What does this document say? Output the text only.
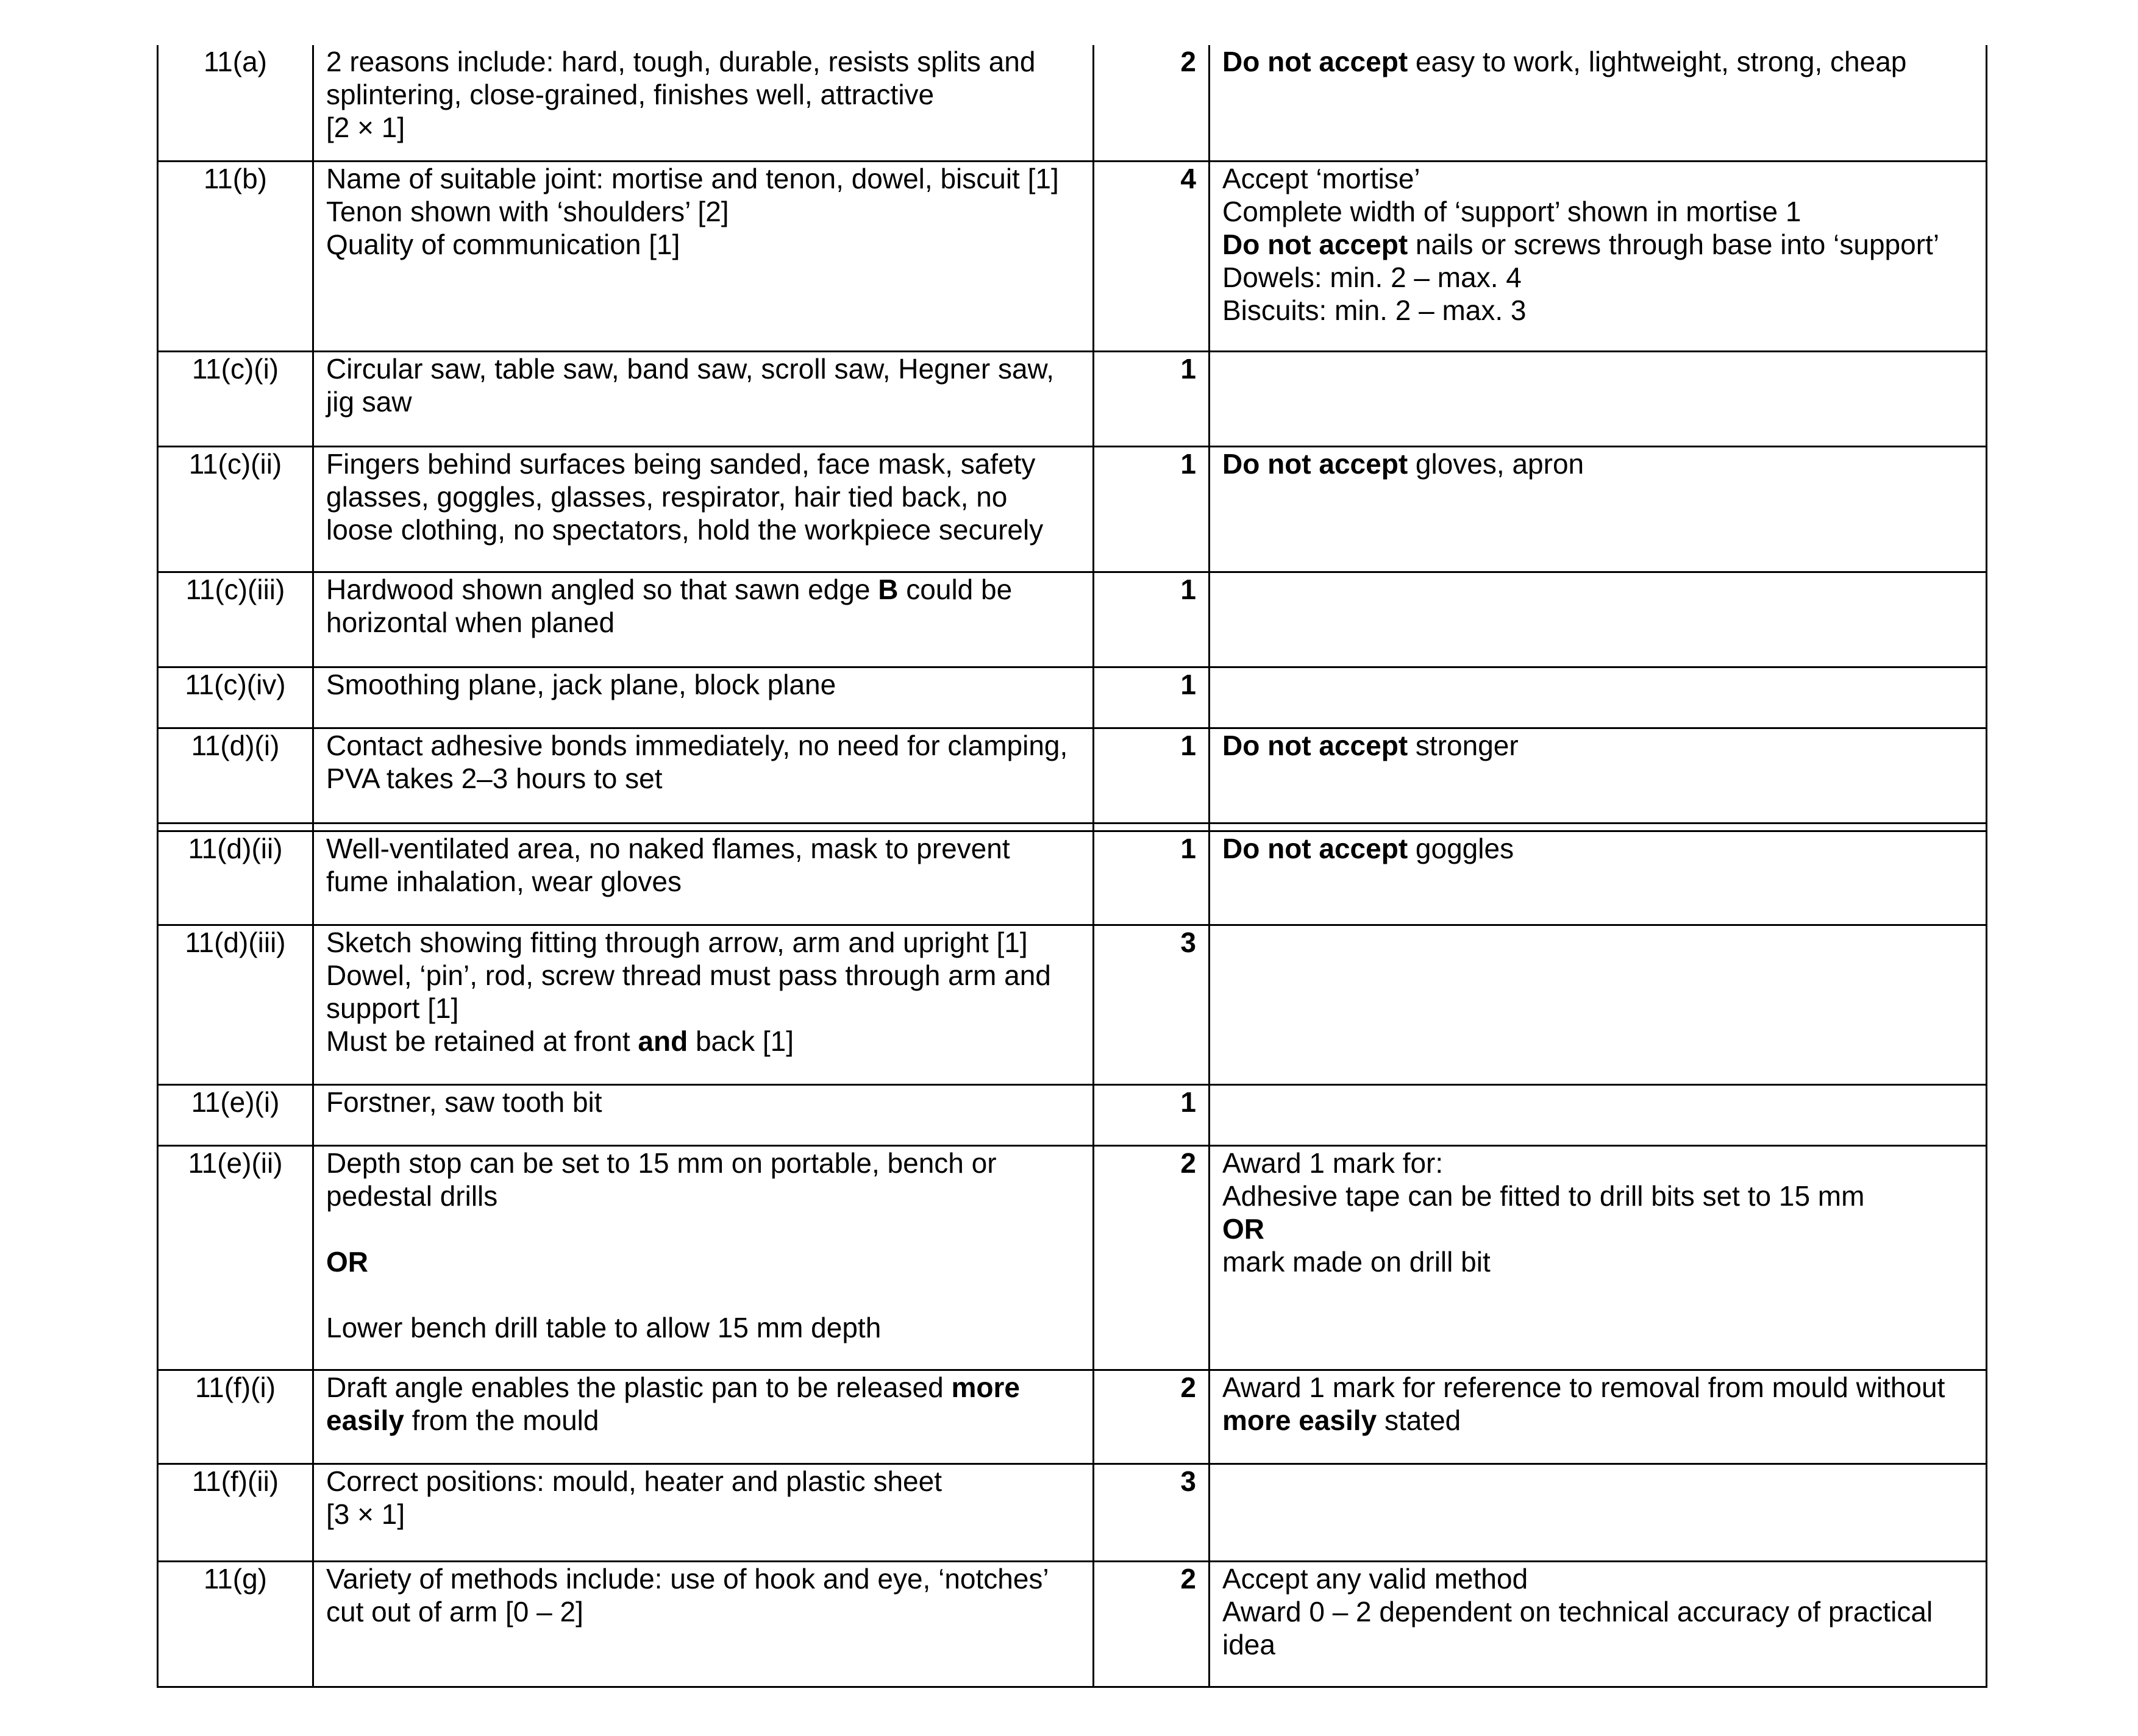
11(a)	2 reasons include: hard, tough, durable, resists splits and
splintering, close-grained, finishes well, attractive
[2 × 1]	2	Do not accept easy to work, lightweight, strong, cheap
11(b)	Name of suitable joint: mortise and tenon, dowel, biscuit [1]
Tenon shown with ‘shoulders’ [2]
Quality of communication [1]	4	Accept ‘mortise’
Complete width of ‘support’ shown in mortise 1
Do not accept nails or screws through base into ‘support’
Dowels: min. 2 – max. 4
Biscuits: min. 2 – max. 3

11(c)(i)	Circular saw, table saw, band saw, scroll saw, Hegner saw,
jig saw	1	
11(c)(ii)	Fingers behind surfaces being sanded, face mask, safety
glasses, goggles, glasses, respirator, hair tied back, no
loose clothing, no spectators, hold the workpiece securely	1	Do not accept gloves, apron
11(c)(iii)	Hardwood shown angled so that sawn edge B could be
horizontal when planed	1	
11(c)(iv)	Smoothing plane, jack plane, block plane	1	
11(d)(i)	Contact adhesive bonds immediately, no need for clamping,
PVA takes 2–3 hours to set	1	Do not accept stronger

11(d)(ii)	Well-ventilated area, no naked flames, mask to prevent
fume inhalation, wear gloves	1	Do not accept goggles
11(d)(iii)	Sketch showing fitting through arrow, arm and upright [1]
Dowel, ‘pin’, rod, screw thread must pass through arm and
support [1]
Must be retained at front and back [1]	3	
11(e)(i)	Forstner, saw tooth bit	1	
11(e)(ii)	Depth stop can be set to 15 mm on portable, bench or
pedestal drills
OR
Lower bench drill table to allow 15 mm depth	2	Award 1 mark for:
Adhesive tape can be fitted to drill bits set to 15 mm
OR
mark made on drill bit

11(f)(i)	Draft angle enables the plastic pan to be released more
easily from the mould	2	Award 1 mark for reference to removal from mould without
more easily stated

11(f)(ii)	Correct positions: mould, heater and plastic sheet
[3 × 1]	3	
11(g)	Variety of methods include: use of hook and eye, ‘notches’
cut out of arm [0 – 2]	2	Accept any valid method
Award 0 – 2 dependent on technical accuracy of practical
idea
